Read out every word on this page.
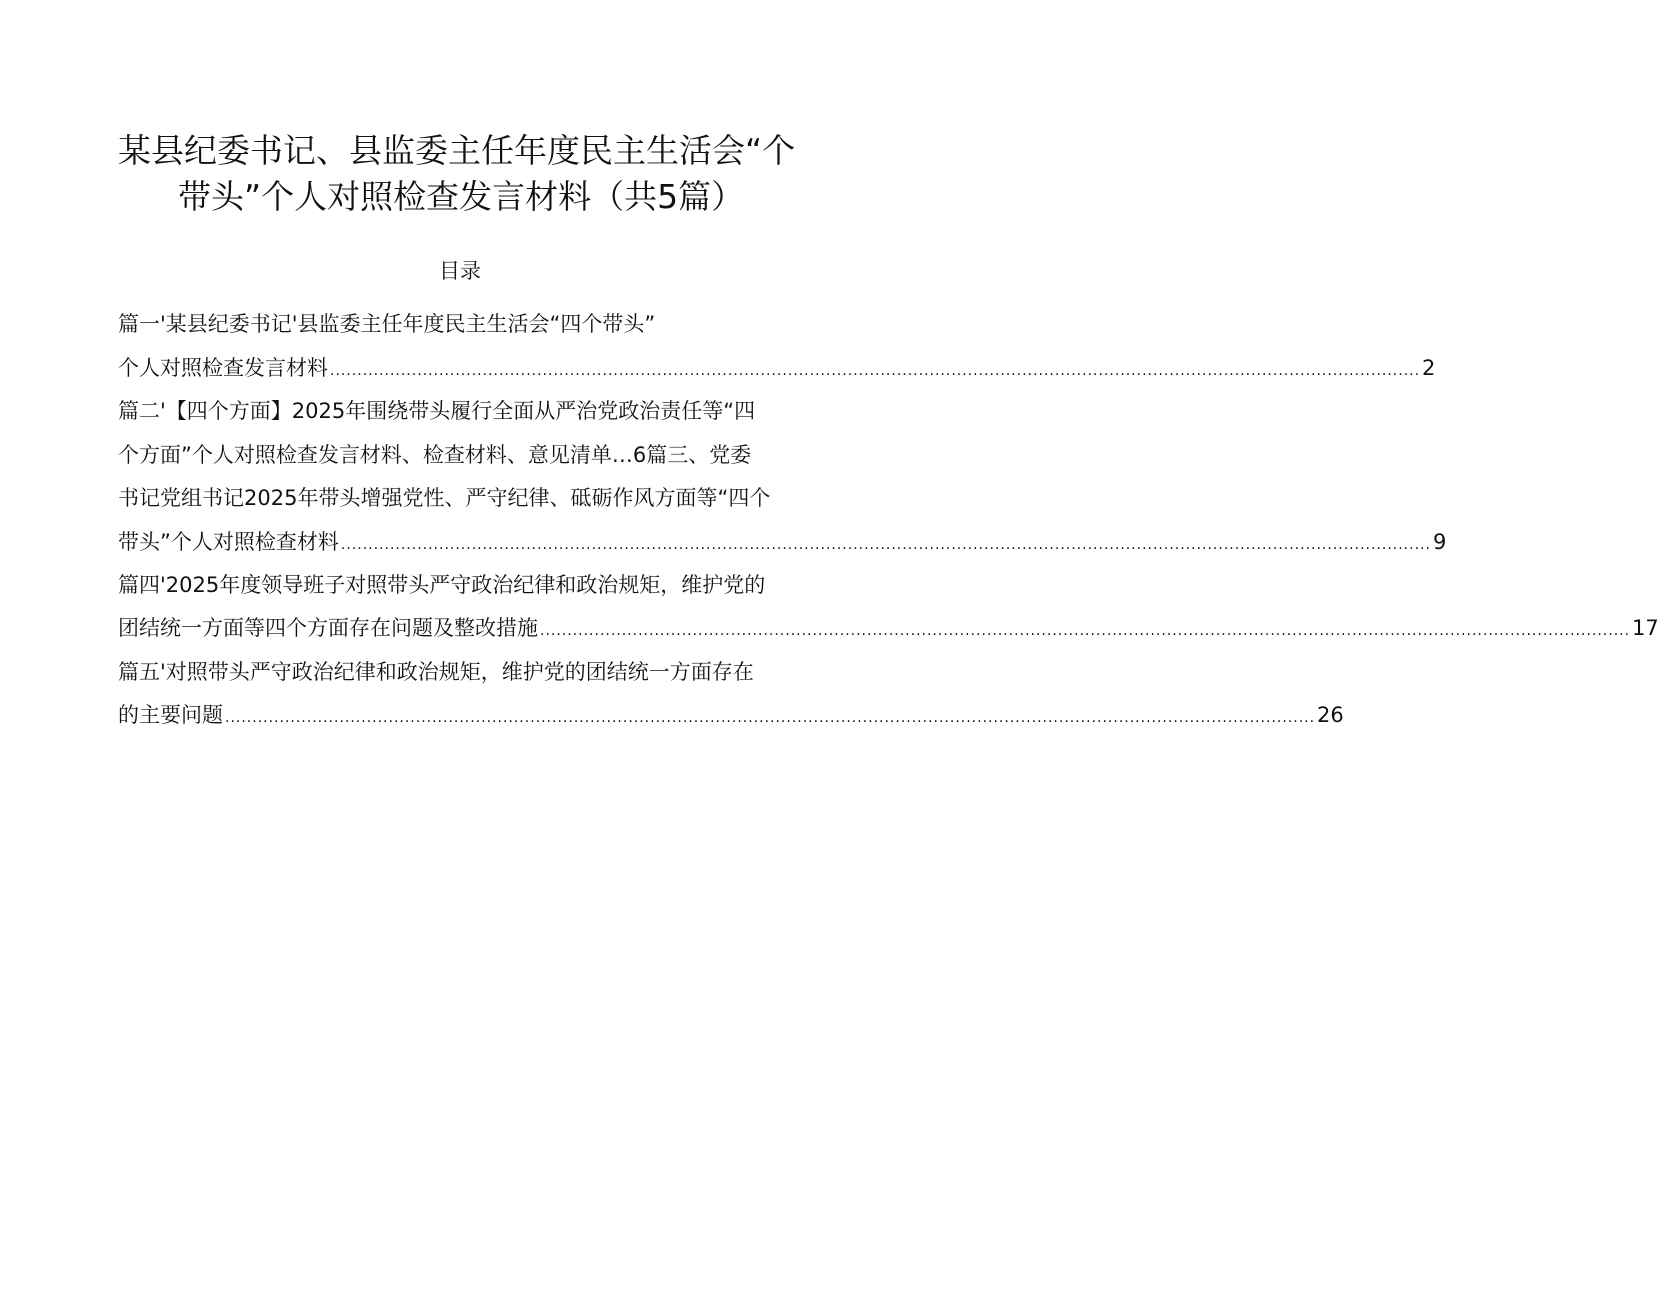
某县纪委书记、县监委主任年度民主生活会“个
带头”个人对照检查发言材料（共5篇）
目录
篇一'某县纪委书记'县监委主任年度民主生活会“四个带头”
个人对照检查发言材料 ........................................................................................................................................................................................................ 2
篇二'【四个方面】2025年围绕带头履行全面从严治党政治责任等“四
个方面”个人对照检查发言材料、检查材料、意见清单…6篇三、党委
书记党组书记2025年带头增强党性、严守纪律、砥砺作风方面等“四个
带头”个人对照检查材料 ........................................................................................................................................................................................................ 9
篇四'2025年度领导班子对照带头严守政治纪律和政治规矩，维护党的
团结统一方面等四个方面存在问题及整改措施 ........................................................................................................................................................................................................ 17
篇五'对照带头严守政治纪律和政治规矩，维护党的团结统一方面存在
的主要问题 ........................................................................................................................................................................................................ 26
